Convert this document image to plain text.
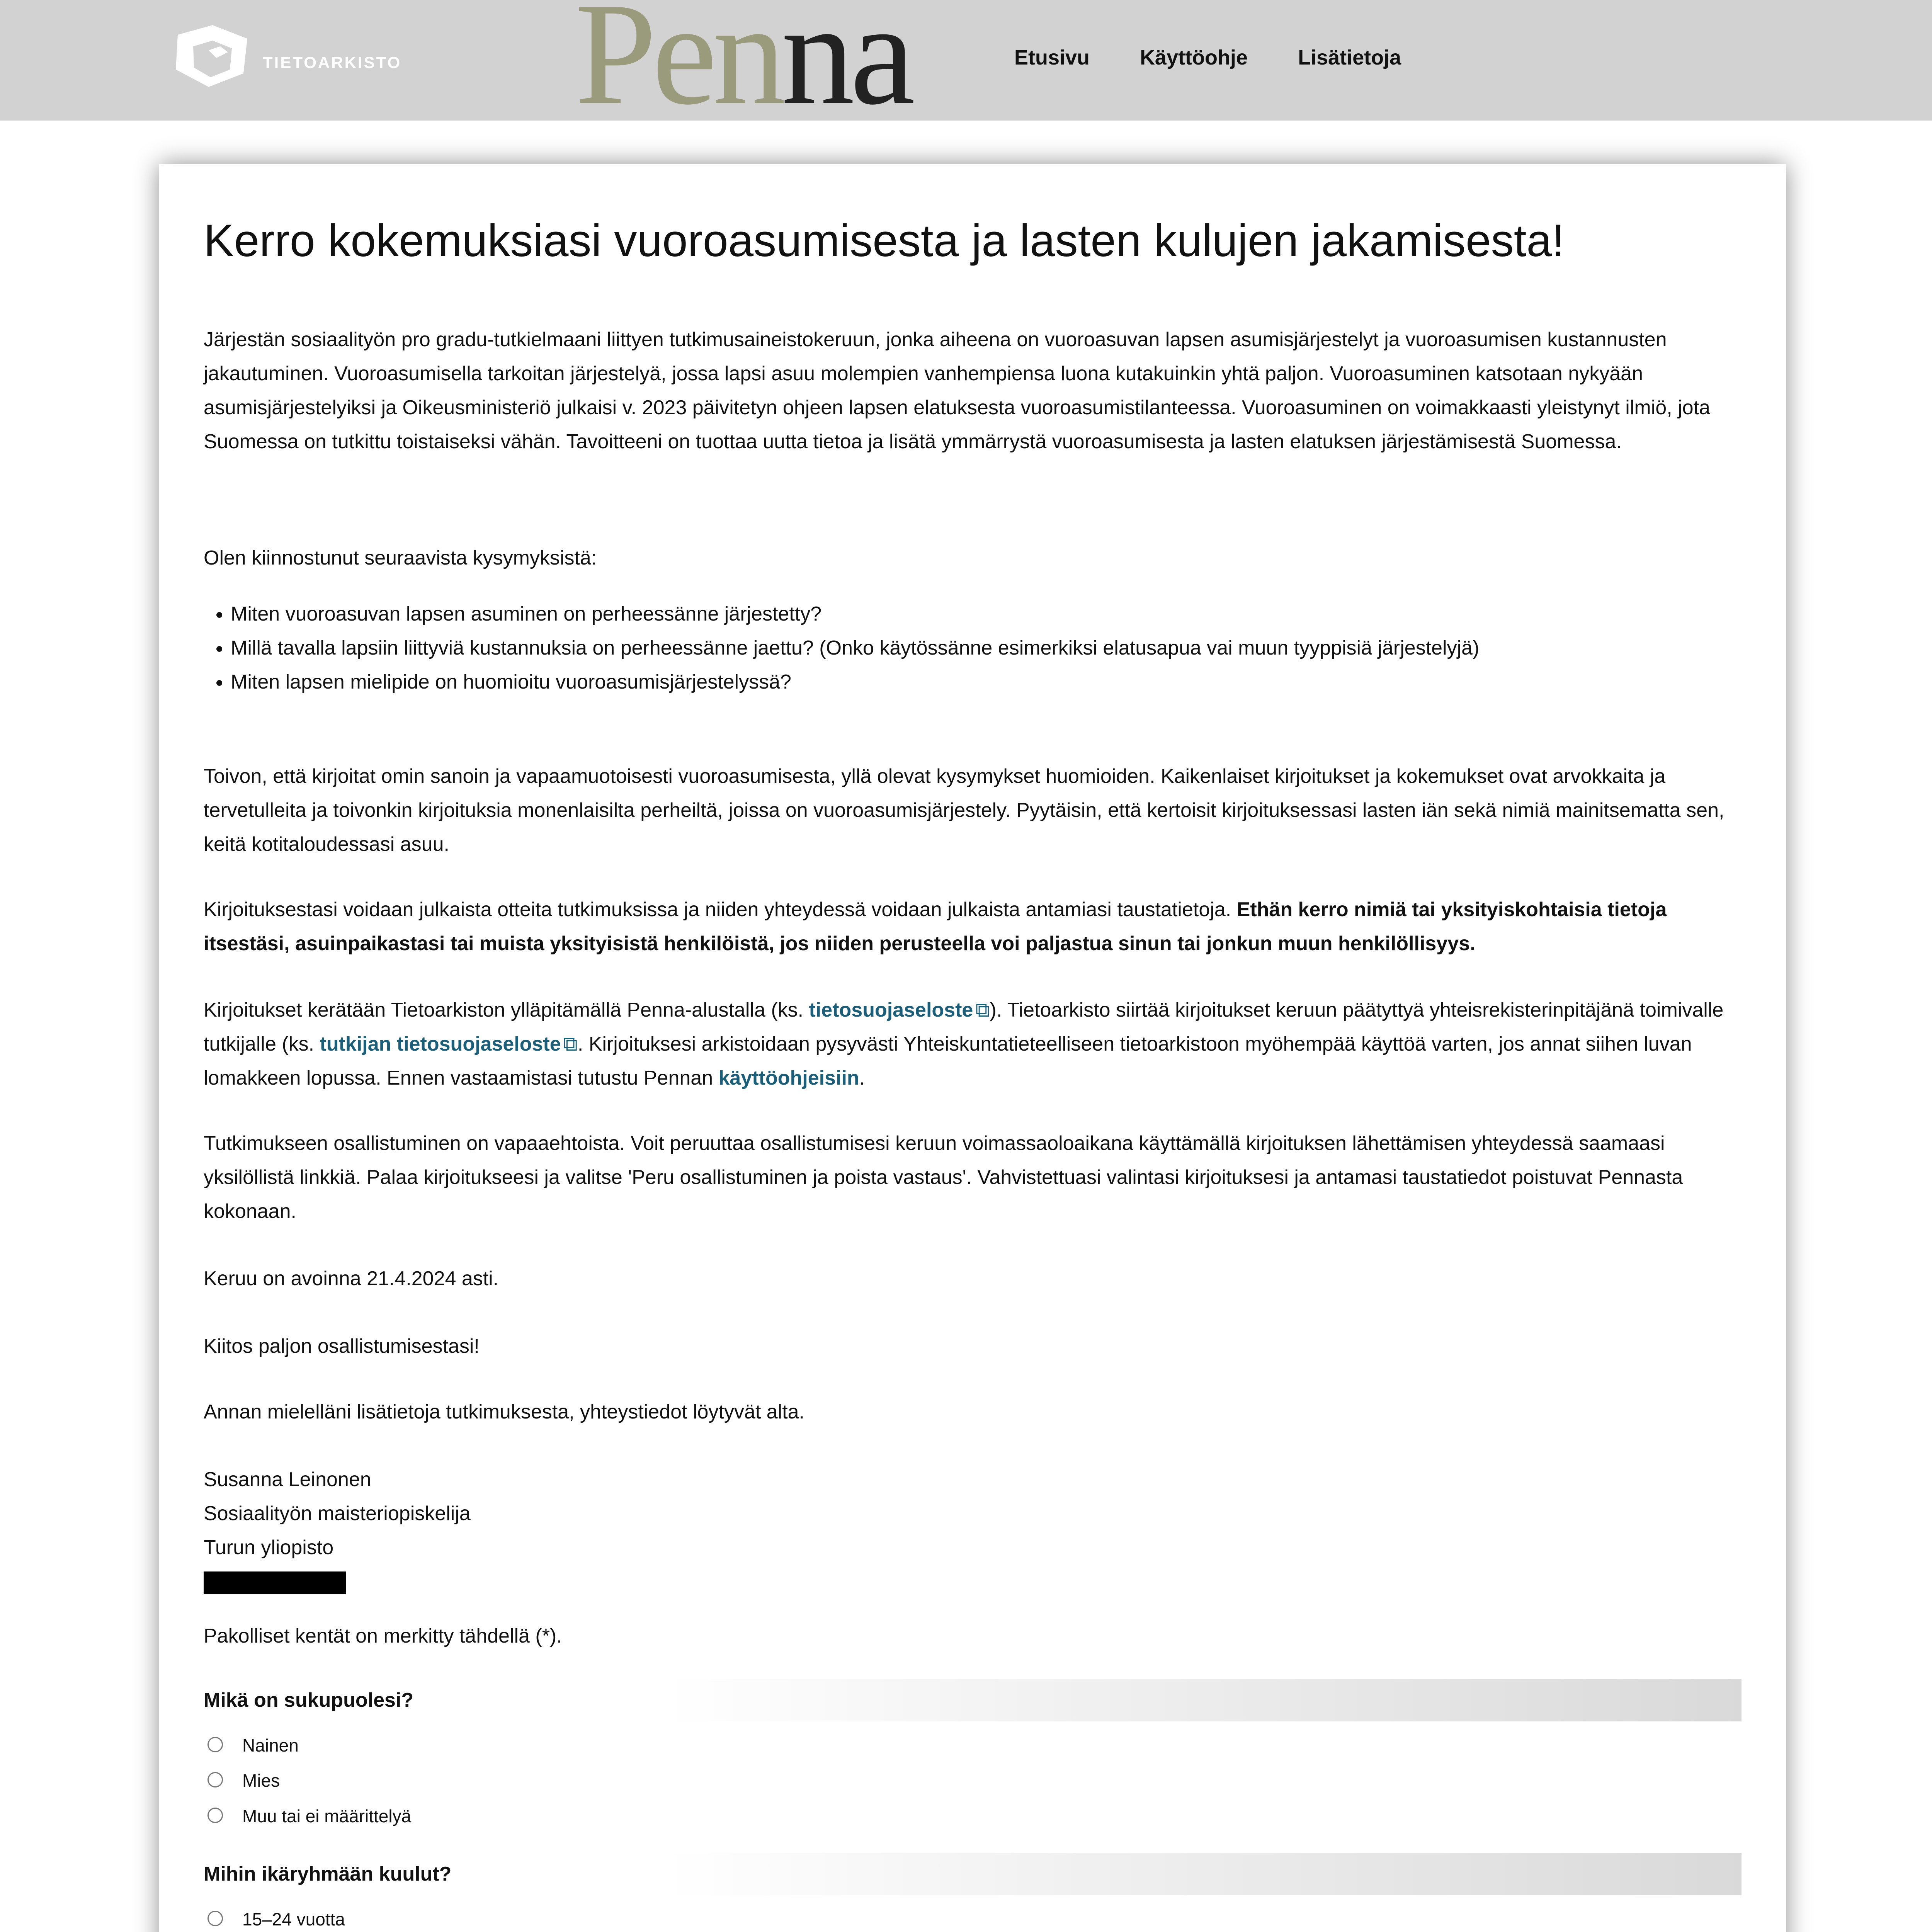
TIETOARKISTO Penna	Etusivu Käyttöohje Lisätietoja
Kerro kokemuksiasi vuoroasumisesta ja lasten kulujen jakamisesta!

Järjestän sosiaalityön pro gradu-tutkielmaani liittyen tutkimusaineistokeruun, jonka aiheena on vuoroasuvan lapsen asumisjärjestelyt ja vuoroasumisen kustannusten jakautuminen. Vuoroasumisella tarkoitan järjestelyä, jossa lapsi asuu molempien vanhempiensa luona kutakuinkin yhtä paljon. Vuoroasuminen katsotaan nykyään asumisjärjestelyiksi ja Oikeusministeriö julkaisi v. 2023 päivitetyn ohjeen lapsen elatuksesta vuoroasumistilanteessa. Vuoroasuminen on voimakkaasti yleistynyt ilmiö, jota Suomessa on tutkittu toistaiseksi vähän. Tavoitteeni on tuottaa uutta tietoa ja lisätä ymmärrystä vuoroasumisesta ja lasten elatuksen järjestämisestä Suomessa.

Olen kiinnostunut seuraavista kysymyksistä:

• Miten vuoroasuvan lapsen asuminen on perheessänne järjestetty?
• Millä tavalla lapsiin liittyviä kustannuksia on perheessänne jaettu? (Onko käytössänne esimerkiksi elatusapua vai muun tyyppisiä järjestelyjä)
• Miten lapsen mielipide on huomioitu vuoroasumisjärjestelyssä?

Toivon, että kirjoitat omin sanoin ja vapaamuotoisesti vuoroasumisesta, yllä olevat kysymykset huomioiden. Kaikenlaiset kirjoitukset ja kokemukset ovat arvokkaita ja tervetulleita ja toivonkin kirjoituksia monenlaisilta perheiltä, joissa on vuoroasumisjärjestely. Pyytäisin, että kertoisit kirjoituksessasi lasten iän sekä nimiä mainitsematta sen, keitä kotitaloudessasi asuu.

Kirjoituksestasi voidaan julkaista otteita tutkimuksissa ja niiden yhteydessä voidaan julkaista antamiasi taustatietoja. Ethän kerro nimiä tai yksityiskohtaisia tietoja itsestäsi, asuinpaikastasi tai muista yksityisistä henkilöistä, jos niiden perusteella voi paljastua sinun tai jonkun muun henkilöllisyys.

Kirjoitukset kerätään Tietoarkiston ylläpitämällä Penna-alustalla (ks. tietosuojaseloste ⧉). Tietoarkisto siirtää kirjoitukset keruun päätyttyä yhteisrekisterinpitäjänä toimivalle tutkijalle (ks. tutkijan tietosuojaseloste ⧉. Kirjoituksesi arkistoidaan pysyvästi Yhteiskuntatieteelliseen tietoarkistoon myöhempää käyttöä varten, jos annat siihen luvan lomakkeen lopussa. Ennen vastaamistasi tutustu Pennan käyttöohjeisiin.

Tutkimukseen osallistuminen on vapaaehtoista. Voit peruuttaa osallistumisesi keruun voimassaoloaikana käyttämällä kirjoituksen lähettämisen yhteydessä saamaasi yksilöllistä linkkiä. Palaa kirjoitukseesi ja valitse 'Peru osallistuminen ja poista vastaus'. Vahvistettuasi valintasi kirjoituksesi ja antamasi taustatiedot poistuvat Pennasta kokonaan.

Keruu on avoinna 21.4.2024 asti.

Kiitos paljon osallistumisestasi!

Annan mielelläni lisätietoja tutkimuksesta, yhteystiedot löytyvät alta.

Susanna Leinonen

Sosiaalityön maisteriopiskelija

Turun yliopisto

Pakolliset kentät on merkitty tähdellä (*).

Mikä on sukupuolesi?
Nainen
Mies
Muu tai ei määrittelyä
Mihin ikäryhmään kuulut?
15–24 vuotta
